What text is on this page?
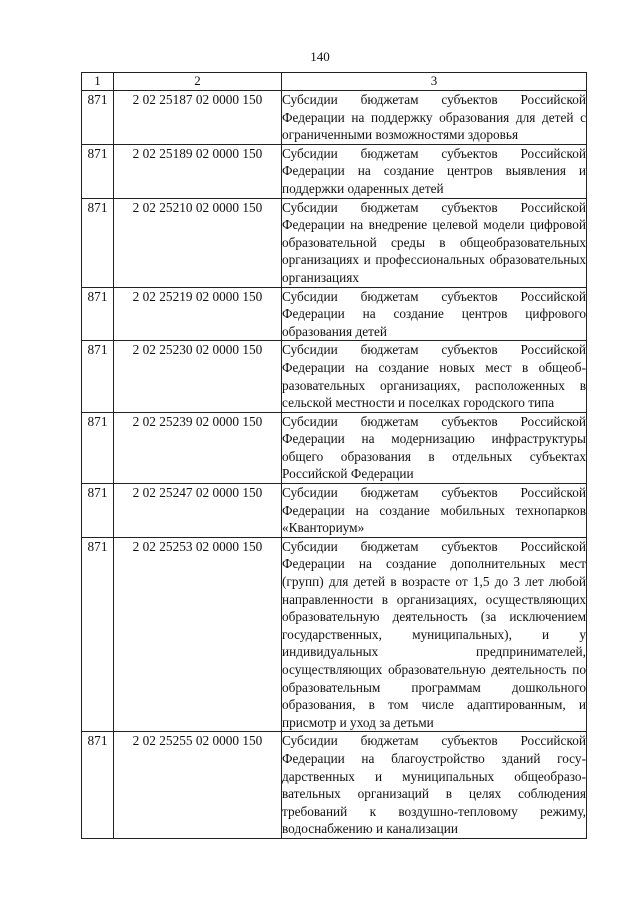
140
1	2	3
871	2 02 25187 02 0000 150	Субсидии бюджетам субъектов Российской Федерации на поддержку образования для детей с ограниченными возможностями здоровья
871	2 02 25189 02 0000 150	Субсидии бюджетам субъектов Российской Федерации на создание центров выявления и поддержки одаренных детей
871	2 02 25210 02 0000 150	Субсидии бюджетам субъектов Российской Федерации на внедрение целевой модели цифровой образовательной среды в общеобразовательных организациях и профессиональных образовательных организациях
871	2 02 25219 02 0000 150	Субсидии бюджетам субъектов Российской Федерации на создание центров цифрового образования детей
871	2 02 25230 02 0000 150	Субсидии бюджетам субъектов Российской Федерации на создание новых мест в общеобразовательных организациях, расположенных в сельской местности и поселках городского типа
871	2 02 25239 02 0000 150	Субсидии бюджетам субъектов Российской Федерации на модернизацию инфраструктуры общего образования в отдельных субъектах Российской Федерации
871	2 02 25247 02 0000 150	Субсидии бюджетам субъектов Российской Федерации на создание мобильных технопарков «Кванториум»
871	2 02 25253 02 0000 150	Субсидии бюджетам субъектов Российской Федерации на создание дополнительных мест (групп) для детей в возрасте от 1,5 до 3 лет любой направленности в организациях, осуществляющих образовательную деятельность (за исключением государственных, муниципальных), и у индивидуальных предпринимателей, осуществляющих образовательную деятельность по образовательным программам дошкольного образования, в том числе адаптированным, и присмотр и уход за детьми
871	2 02 25255 02 0000 150	Субсидии бюджетам субъектов Российской Федерации на благоустройство зданий государственных и муниципальных общеобразовательных организаций в целях соблюдения требований к воздушно-тепловому режиму, водоснабжению и канализации
